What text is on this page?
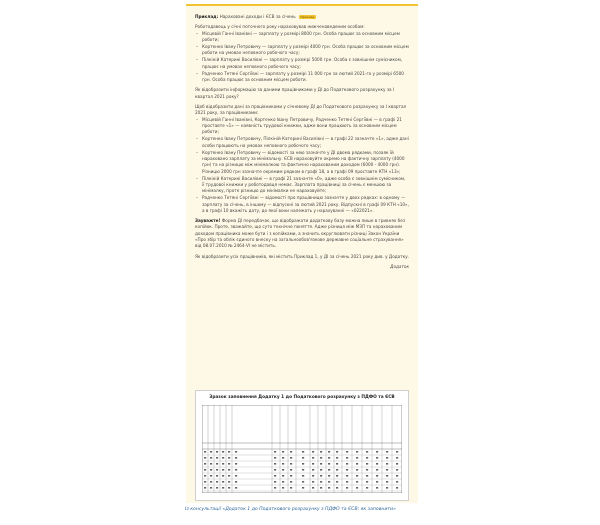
Приклад: Нараховані доходи і ЄСВ за січень Приклад

Роботодавець у січні поточного року нараховував нижченаведеним особам:

– Місцевій Ганні Іванівні — зарплату у розмірі 8000 грн. Особа працює за основним місцем роботи;
– Кортенко Івану Петровичу — зарплату у розмірі 4000 грн. Особа працює за основним місцем роботи на умовах неповного робочого часу;
– Пілкіній Катерині Василівні — зарплату у розмірі 5000 грн. Особа є зовнішнім сумісником, працює на умовах неповного робочого часу;
– Радченко Тетяні Сергіївні — зарплату у розмірі 11 000 грн за лютий 2021-го у розмірі 6500 грн. Особа працює за основним місцем роботи.

Як відобразити інформацію за даними працівниками у ДІ до Податкового розрахунку за I квартал 2021 року?

Щоб відобразити дані за працівниками у січневому ДІ до Податкового розрахунку за I квартал 2021 року, за працівниками:

– Місцевій Ганні Іванівні, Кортенко Івану Петровичу, Радченко Тетяні Сергіївні — в графі 21 проставте «1» — наявність трудової книжки, адже вони працюють за основним місцем роботи;
– Кортенко Івану Петровичу, Пілкіній Катерині Василівні — в графі 22 зазначте «1», адже дані особи працюють на умовах неповного робочого часу;
– Кортенко Івану Петровичу — відомості за нею зазначте у ДІ двома рядками, позаяк їй нараховано зарплату за мінімальну. ЄСВ нараховуйте окремо на фактичну зарплату (4000 грн) та на різницю між мінімалкою та фактично нарахованим доходом (6000 - 4000 грн). Різницю 2000 грн зазначте окремим рядком в графі 18, а в графі 09 проставте КТН «13»;
– Пілкіній Катерині Василівні — в графі 21 зазначте «0», адже особа є зовнішнім сумісником, її трудової книжки у роботодавця немає. Зарплата працівниці за січень є меншою за мінімалку, проте різницю до мінімалки не нараховуйте;
– Радченко Тетяні Сергіївні — відомості про працівницю зазначте у двох рядках: в одному — зарплату за січень, в іншому — відпускні за лютий 2021 року. Відпускні в графі 09 КТН «10», а в графі 10 вкажіть дату, до якої вони належать у нарахуванні — «022021».

Зауважте! Форма ДІ передбачає, що відображати додаткову базу можна лише в гривнях без копійок. Проте, зважайте, що суто технічне поняття. Адже різниця між МЗП та нарахованим доходом працівника може бути і з копійками, а значить округлювати різниці Закон України «Про збір та облік єдиного внеску на загальнообов'язкове державне соціальне страхування» від 08.07.2010 № 2464-VI не містить.

Як відобразити усіх працівників, які містить Приклад 1, у ДІ за січень 2021 року див. у Додатку.

Додаток

Зразок заповнення Додатку 1 до Податкового розрахунку з ПДФО та ЄСВ
Із консультації «Додаток 1 до Податкового розрахунку з ПДФО та ЄСВ: як заповнити»
